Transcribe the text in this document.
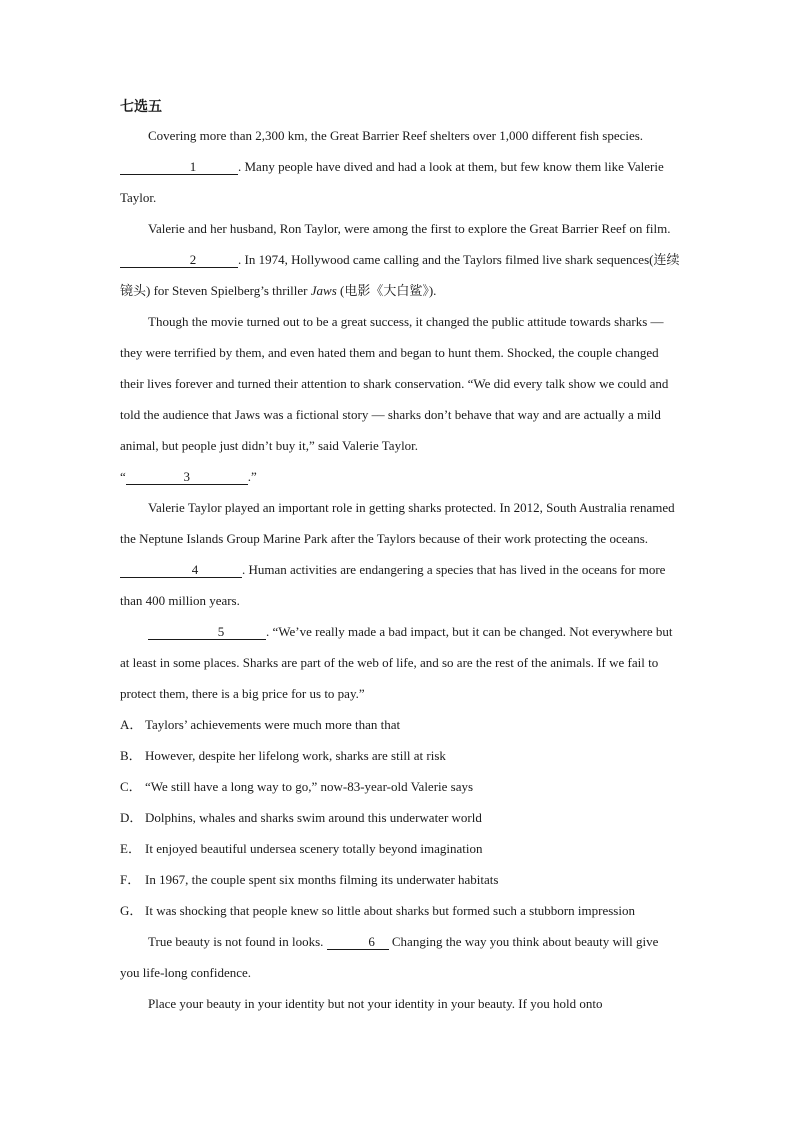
七选五

Covering more than 2,300 km, the Great Barrier Reef shelters over 1,000 different fish species. 1	. Many people have dived and had a look at them, but few know them like Valerie Taylor.

Valerie and her husband, Ron Taylor, were among the first to explore the Great Barrier Reef on film. 2	. In 1974, Hollywood came calling and the Taylors filmed live shark sequences(连续镜头) for Steven Spielberg’s thriller Jaws (电影《大白鲨》).

Though the movie turned out to be a great success, it changed the public attitude towards sharks — they were terrified by them, and even hated them and began to hunt them. Shocked, the couple changed their lives forever and turned their attention to shark conservation. “We did every talk show we could and told the audience that Jaws was a fictional story — sharks don’t behave that way and are actually a mild animal, but people just didn’t buy it,” said Valerie Taylor.

“	3	.”

Valerie Taylor played an important role in getting sharks protected. In 2012, South Australia renamed the Neptune Islands Group Marine Park after the Taylors because of their work protecting the oceans. 4	. Human activities are endangering a species that has lived in the oceans for more than 400 million years.

5	. “We’ve really made a bad impact, but it can be changed. Not everywhere but at least in some places. Sharks are part of the web of life, and so are the rest of the animals. If we fail to protect them, there is a big price for us to pay.”

A． Taylors’ achievements were much more than that

B． However, despite her lifelong work, sharks are still at risk

C． “We still have a long way to go,” now-83-year-old Valerie says

D． Dolphins, whales and sharks swim around this underwater world

E． It enjoyed beautiful undersea scenery totally beyond imagination

F． In 1967, the couple spent six months filming its underwater habitats

G． It was shocking that people knew so little about sharks but formed such a stubborn impression

True beauty is not found in looks.	6 Changing the way you think about beauty will give you life-long confidence.

Place your beauty in your identity but not your identity in your beauty. If you hold onto
